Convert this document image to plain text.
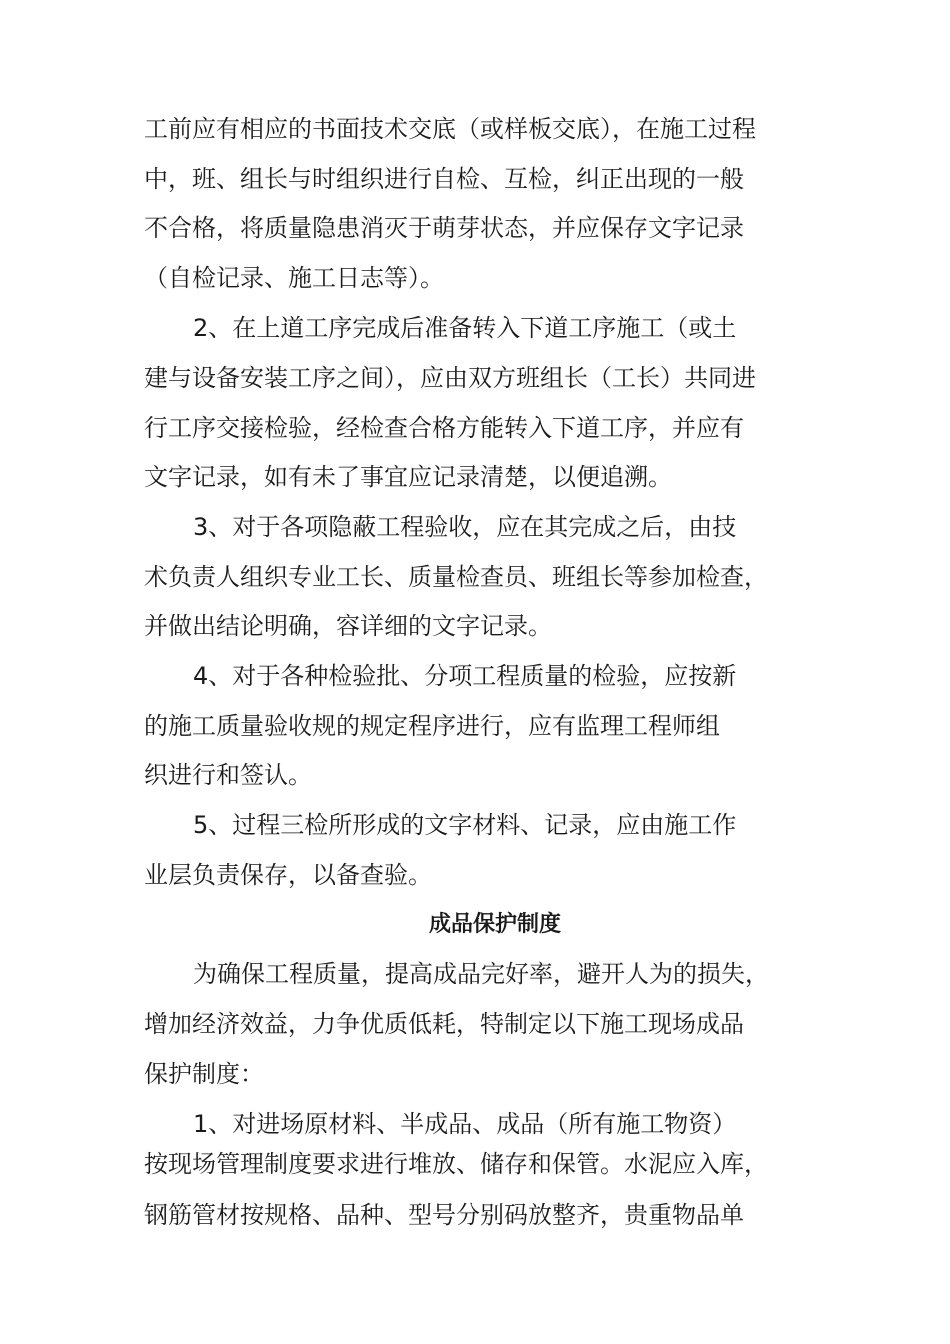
工前应有相应的书面技术交底（或样板交底），在施工过程

中，班、组长与时组织进行自检、互检，纠正出现的一般

不合格，将质量隐患消灭于萌芽状态，并应保存文字记录

（自检记录、施工日志等）。

2、在上道工序完成后准备转入下道工序施工（或土

建与设备安装工序之间），应由双方班组长（工长）共同进

行工序交接检验，经检查合格方能转入下道工序，并应有

文字记录，如有未了事宜应记录清楚，以便追溯。

3、对于各项隐蔽工程验收，应在其完成之后，由技

术负责人组织专业工长、质量检查员、班组长等参加检查，

并做出结论明确，容详细的文字记录。

4、对于各种检验批、分项工程质量的检验，应按新

的施工质量验收规的规定程序进行，应有监理工程师组

织进行和签认。

5、过程三检所形成的文字材料、记录，应由施工作

业层负责保存，以备查验。

成品保护制度

为确保工程质量，提高成品完好率，避开人为的损失，

增加经济效益，力争优质低耗，特制定以下施工现场成品

保护制度：

1、对进场原材料、半成品、成品（所有施工物资）

按现场管理制度要求进行堆放、储存和保管。水泥应入库，

钢筋管材按规格、品种、型号分别码放整齐，贵重物品单
